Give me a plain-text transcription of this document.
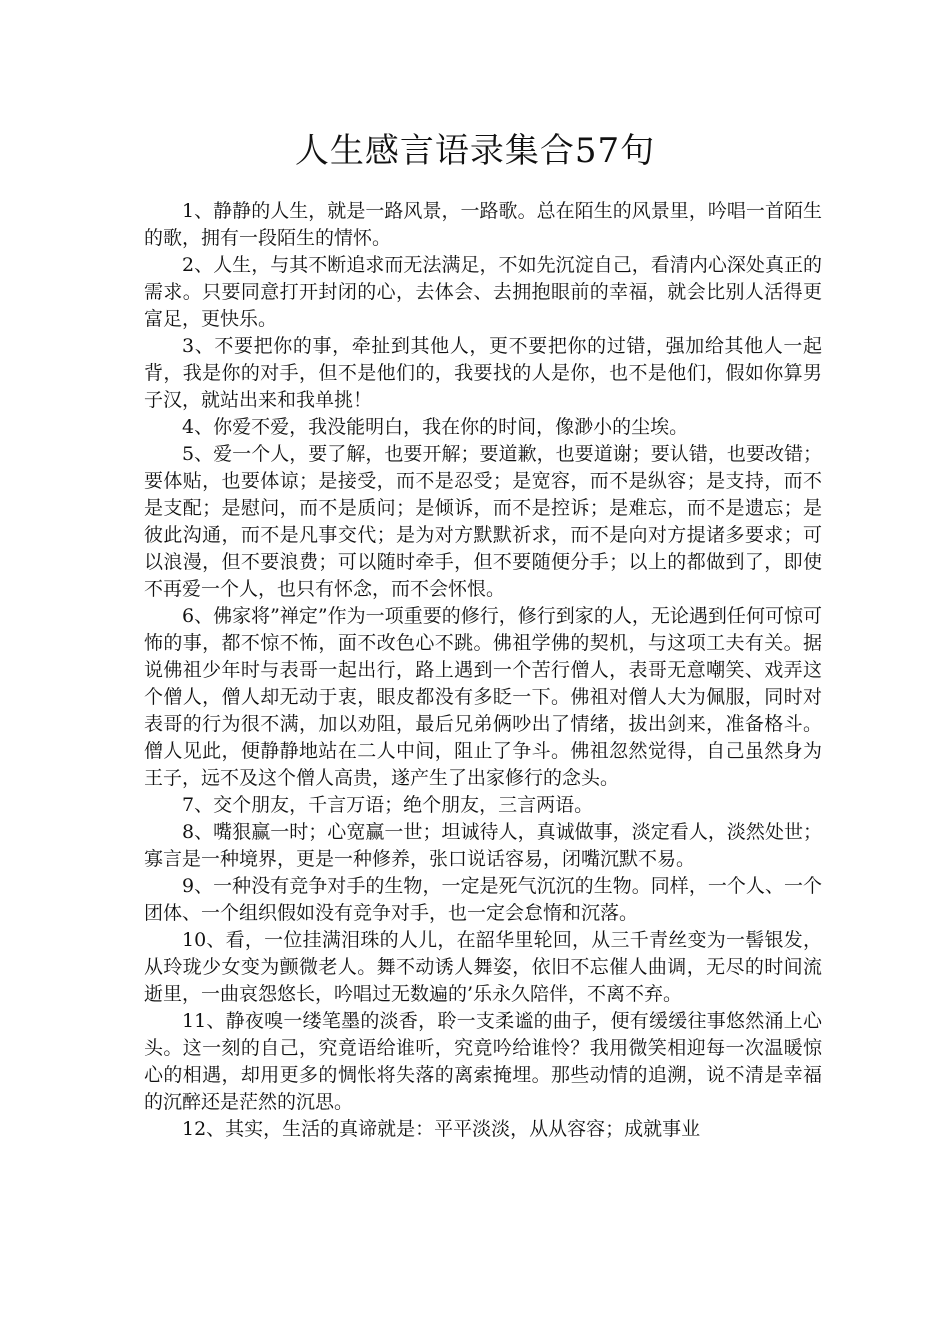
人生感言语录集合57句

1、静静的人生，就是一路风景，一路歌。总在陌生的风景里，吟唱一首陌生的歌，拥有一段陌生的情怀。

2、人生，与其不断追求而无法满足，不如先沉淀自己，看清内心深处真正的需求。只要同意打开封闭的心，去体会、去拥抱眼前的幸福，就会比别人活得更富足，更快乐。

3、不要把你的事，牵扯到其他人，更不要把你的过错，强加给其他人一起背，我是你的对手，但不是他们的，我要找的人是你，也不是他们，假如你算男子汉，就站出来和我单挑！

4、你爱不爱，我没能明白，我在你的时间，像渺小的尘埃。

5、爱一个人，要了解，也要开解；要道歉，也要道谢；要认错，也要改错；要体贴，也要体谅；是接受，而不是忍受；是宽容，而不是纵容；是支持，而不是支配；是慰问，而不是质问；是倾诉，而不是控诉；是难忘，而不是遗忘；是彼此沟通，而不是凡事交代；是为对方默默祈求，而不是向对方提诸多要求；可以浪漫，但不要浪费；可以随时牵手，但不要随便分手；以上的都做到了，即使不再爱一个人，也只有怀念，而不会怀恨。

6、佛家将”禅定”作为一项重要的修行，修行到家的人，无论遇到任何可惊可怖的事，都不惊不怖，面不改色心不跳。佛祖学佛的契机，与这项工夫有关。据说佛祖少年时与表哥一起出行，路上遇到一个苦行僧人，表哥无意嘲笑、戏弄这个僧人，僧人却无动于衷，眼皮都没有多眨一下。佛祖对僧人大为佩服，同时对表哥的行为很不满，加以劝阻，最后兄弟俩吵出了情绪，拔出剑来，准备格斗。僧人见此，便静静地站在二人中间，阻止了争斗。佛祖忽然觉得，自己虽然身为王子，远不及这个僧人高贵，遂产生了出家修行的念头。

7、交个朋友，千言万语；绝个朋友，三言两语。

8、嘴狠赢一时；心宽赢一世；坦诚待人，真诚做事，淡定看人，淡然处世；寡言是一种境界，更是一种修养，张口说话容易，闭嘴沉默不易。

9、一种没有竞争对手的生物，一定是死气沉沉的生物。同样，一个人、一个团体、一个组织假如没有竞争对手，也一定会怠惰和沉落。

10、看，一位挂满泪珠的人儿，在韶华里轮回，从三千青丝变为一髻银发，从玲珑少女变为颤微老人。舞不动诱人舞姿，依旧不忘催人曲调，无尽的时间流逝里，一曲哀怨悠长，吟唱过无数遍的’乐永久陪伴，不离不弃。

11、静夜嗅一缕笔墨的淡香，聆一支柔谧的曲子，便有缓缓往事悠然涌上心头。这一刻的自己，究竟语给谁听，究竟吟给谁怜？我用微笑相迎每一次温暖惊心的相遇，却用更多的惆怅将失落的离索掩埋。那些动情的追溯，说不清是幸福的沉醉还是茫然的沉思。

12、其实，生活的真谛就是：平平淡淡，从从容容；成就事业
